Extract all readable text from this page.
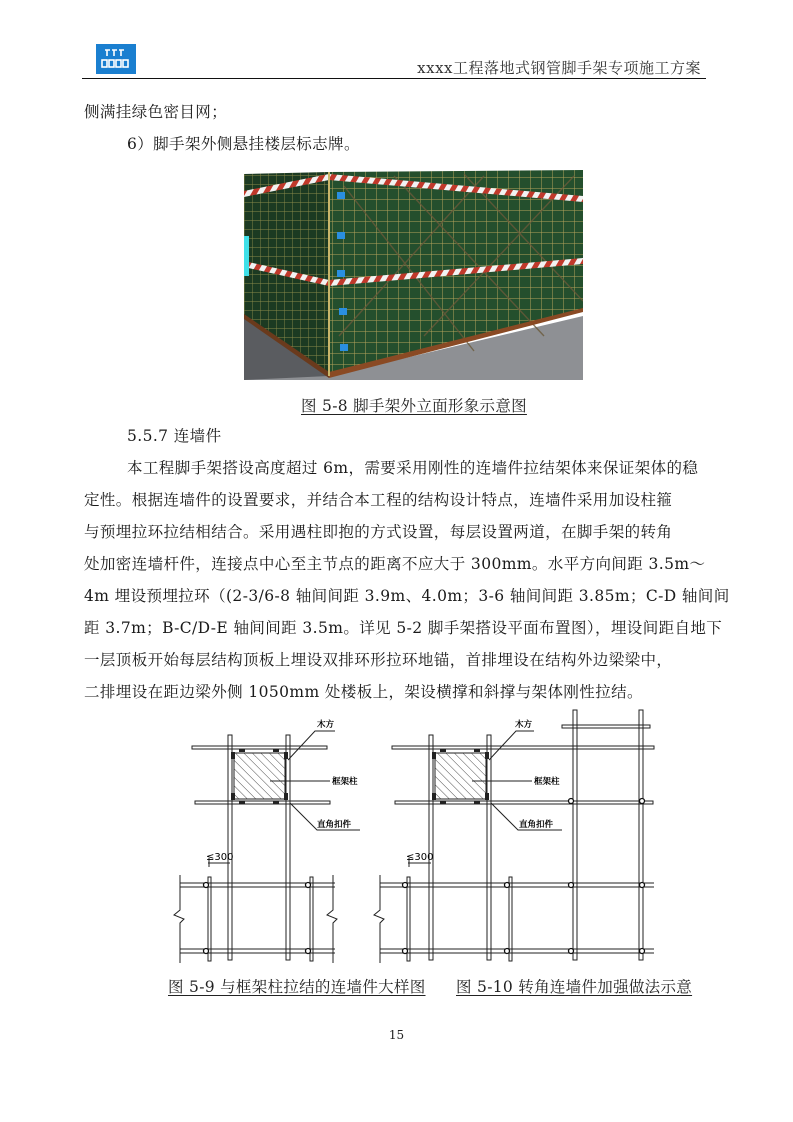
xxxx工程落地式钢管脚手架专项施工方案
侧满挂绿色密目网；
6）脚手架外侧悬挂楼层标志牌。
图 5-8 脚手架外立面形象示意图
5.5.7 连墙件
本工程脚手架搭设高度超过 6m，需要采用刚性的连墙件拉结架体来保证架体的稳
定性。根据连墙件的设置要求，并结合本工程的结构设计特点，连墙件采用加设柱箍
与预埋拉环拉结相结合。采用遇柱即抱的方式设置，每层设置两道，在脚手架的转角
处加密连墙杆件，连接点中心至主节点的距离不应大于 300mm。水平方向间距 3.5m～
4m 埋设预埋拉环（(2-3/6-8 轴间间距 3.9m、4.0m；3-6 轴间间距 3.85m；C-D 轴间间
距 3.7m；B-C/D-E 轴间间距 3.5m。详见 5-2 脚手架搭设平面布置图），埋设间距自地下
一层顶板开始每层结构顶板上埋设双排环形拉环地锚，首排埋设在结构外边梁梁中，
二排埋设在距边梁外侧 1050mm 处楼板上，架设横撑和斜撑与架体刚性拉结。
木方
框架柱
直角扣件
≤300
图 5-9 与框架柱拉结的连墙件大样图
木方
框架柱
直角扣件
≤300
图 5-10 转角连墙件加强做法示意
15
